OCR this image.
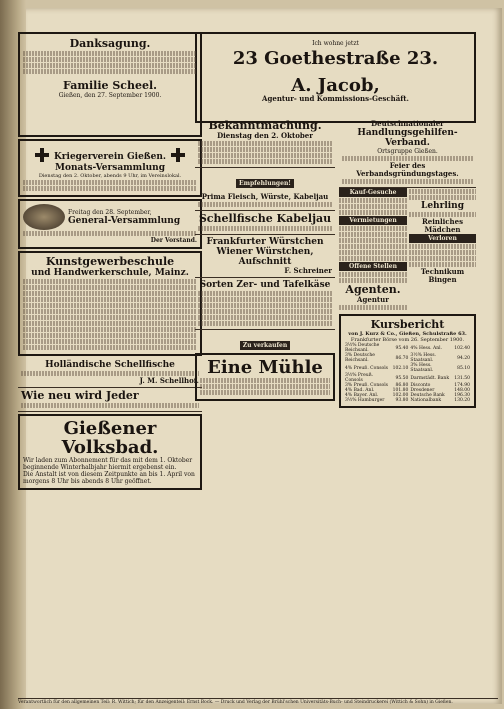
Ich wohne jetzt
23 Goethestraße 23.
A. Jacob,
Agentur- und Kommissions-Geschäft.
Danksagung.
Familie Scheel.
Gießen, den 27. September 1900.
Kriegerverein Gießen.
Monats-Versammlung
Dienstag den 2. Oktober, abends 9 Uhr, im Vereinslokal.
Freitag den 28. September,
General-Versammlung
Der Vorstand.
Kunstgewerbeschule
und Handwerkerschule, Mainz.
Holländische Schellfische
J. M. Schellhof.
Wie neu wird Jeder
Gießener Volksbad.
Wir laden zum Abonnement für das mit dem 1. Oktober beginnende Winterhalbjahr hiermit ergebenst ein.
Die Anstalt ist von diesem Zeitpunkte an bis 1. April von morgens 8 Uhr bis abends 8 Uhr geöffnet.
Bekanntmachung.
Dienstag den 2. Oktober
Empfehlungen!
Prima Fleisch, Würste, Kabeljau
Schellfische Kabeljau
Frankfurter Würstchen
Wiener Würstchen,
Aufschnitt
F. Schreiner
Sorten Zer- und Tafelkäse
Zu verkaufen
Eine Mühle
Deutschnationaler
Handlungsgehilfen-Verband.
Ortsgruppe Gießen.
Feier des Verbandsgründungstages.
Kauf-Gesuche
Vermietungen
Offene Stellen
Agenten.
Agentur
Lehrling
Reinliches Mädchen
Verloren
Technikum Bingen
Kursbericht
von J. Kurz & Co., Gießen, Schulstraße 63.
Frankfurter Börse vom 26. September 1900.
3½% Deutsche Reichsanl.	95.40	4% Hess. Anl.	102.40
3% Deutsche Reichsanl.	86.70	3½% Hess. Staatsanl.	94.20
4% Preuß. Consols	102.10	3% Hess. Staatsanl.	85.10
3½% Preuß. Consols	95.50	Darmstädt. Bank	131.50
3% Preuß. Consols	86.80	Disconto	174.90
4% Bad. Anl.	101.80	Dresdener	148.00
4% Bayer. Anl.	102.00	Deutsche Bank	196.30
3½% Hamburger	93.80	Nationalbank	130.20
Verantwortlich für den allgemeinen Teil: R. Wittich; für den Anzeigenteil: Ernst Bock. — Druck und Verlag der Brühl'schen Universitäts-Buch- und Steindruckerei (Wittich & Sohn) in Gießen.
